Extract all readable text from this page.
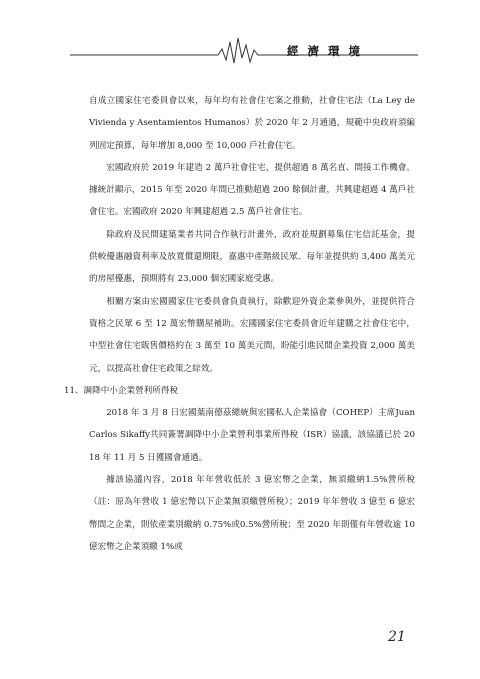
經濟環境

自成立國家住宅委員會以來，每年均有社會住宅案之推動，社會住宅法（La Ley de Vivienda y Asentamientos Humanos）於 2020 年 2 月通過，規範中央政府須編列固定預算，每年增加 8,000 至 10,000 戶社會住宅。

宏國政府於 2019 年建造 2 萬戶社會住宅，提供超過 8 萬名直、間接工作機會。據統計顯示，2015 年至 2020 年間已推動超過 200 餘個計畫，共興建超過 4 萬戶社會住宅。宏國政府 2020 年興建超過 2.5 萬戶社會住宅。

除政府及民間建築業者共同合作執行計畫外，政府並規劃募集住宅信託基金，提供較優惠融資利率及放寬償還期限，嘉惠中產階級民眾。每年並提供約 3,400 萬美元的房屋優惠，預期將有 23,000 個宏國家庭受惠。

相關方案由宏國國家住宅委員會負責執行，除歡迎外資企業參與外，並提供符合資格之民眾 6 至 12 萬宏幣購屋補助。宏國國家住宅委員會近年建購之社會住宅中，中型社會住宅販售價格約在 3 萬至 10 萬美元間，盼能引進民間企業投資 2,000 萬美元，以提高社會住宅政策之綜效。

11、調降中小企業營利所得稅

2018 年 3 月 8 日宏國葉南德茲總統與宏國私人企業協會（COHEP）主席Juan Carlos Sikaffy共同簽署調降中小企業營利事業所得稅（ISR）協議，該協議已於 2018 年 11 月 5 日獲國會通過。

據該協議內容，2018 年年營收低於 3 億宏幣之企業，無須繳納1.5%營所稅（註：原為年營收 1 億宏幣以下企業無須繳營所稅）；2019 年年營收 3 億至 6 億宏幣間之企業，則依產業別繳納 0.75%或0.5%營所稅；至 2020 年則僅有年營收逾 10 億宏幣之企業須繳 1%或

21
